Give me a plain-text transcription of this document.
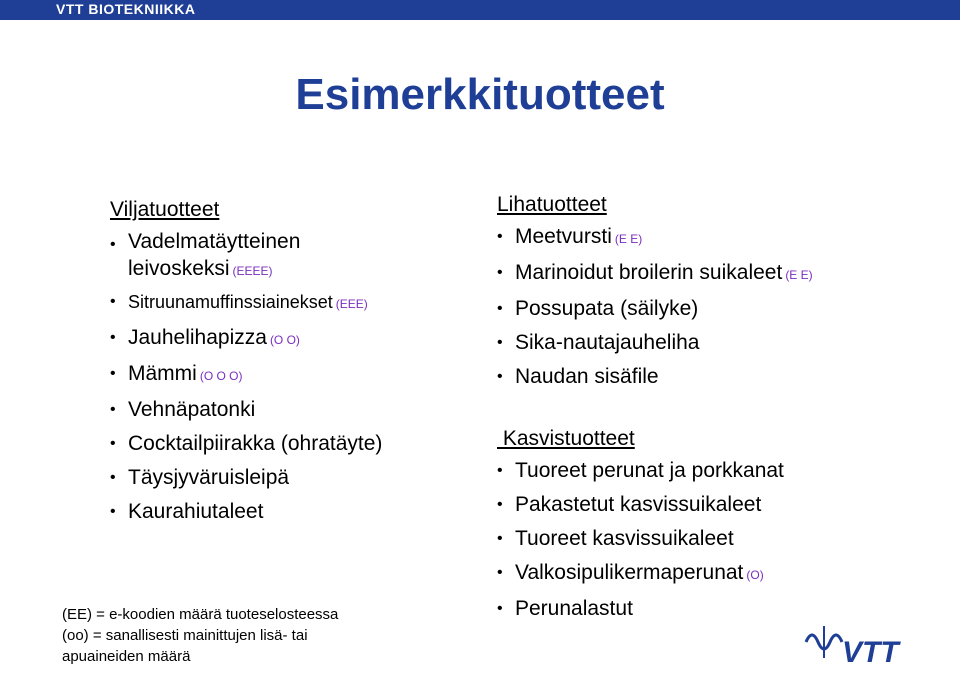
VTT BIOTEKNIIKKA
Esimerkkituotteet
Viljatuotteet
• Vadelmatäytteinen
leivoskeksi (EEEE)
• Sitruunamuffinssiainekset (EEE)
• Jauhelihapizza (O O)
• Mämmi (O O O)
• Vehnäpatonki
• Cocktailpiirakka (ohratäyte)
• Täysjyväruisleipä
• Kaurahiutaleet
Lihatuotteet
• Meetvursti (E E)
• Marinoidut broilerin suikaleet (E E)
• Possupata (säilyke)
• Sika-nautajauheliha
• Naudan sisäfile
Kasvistuotteet
• Tuoreet perunat ja porkkanat
• Pakastetut kasvissuikaleet
• Tuoreet kasvissuikaleet
• Valkosipulikermaperunat (O)
• Perunalastut
(EE) = e-koodien määrä tuoteselosteessa
(oo) = sanallisesti mainittujen lisä- tai
apuaineiden määrä	VTT
